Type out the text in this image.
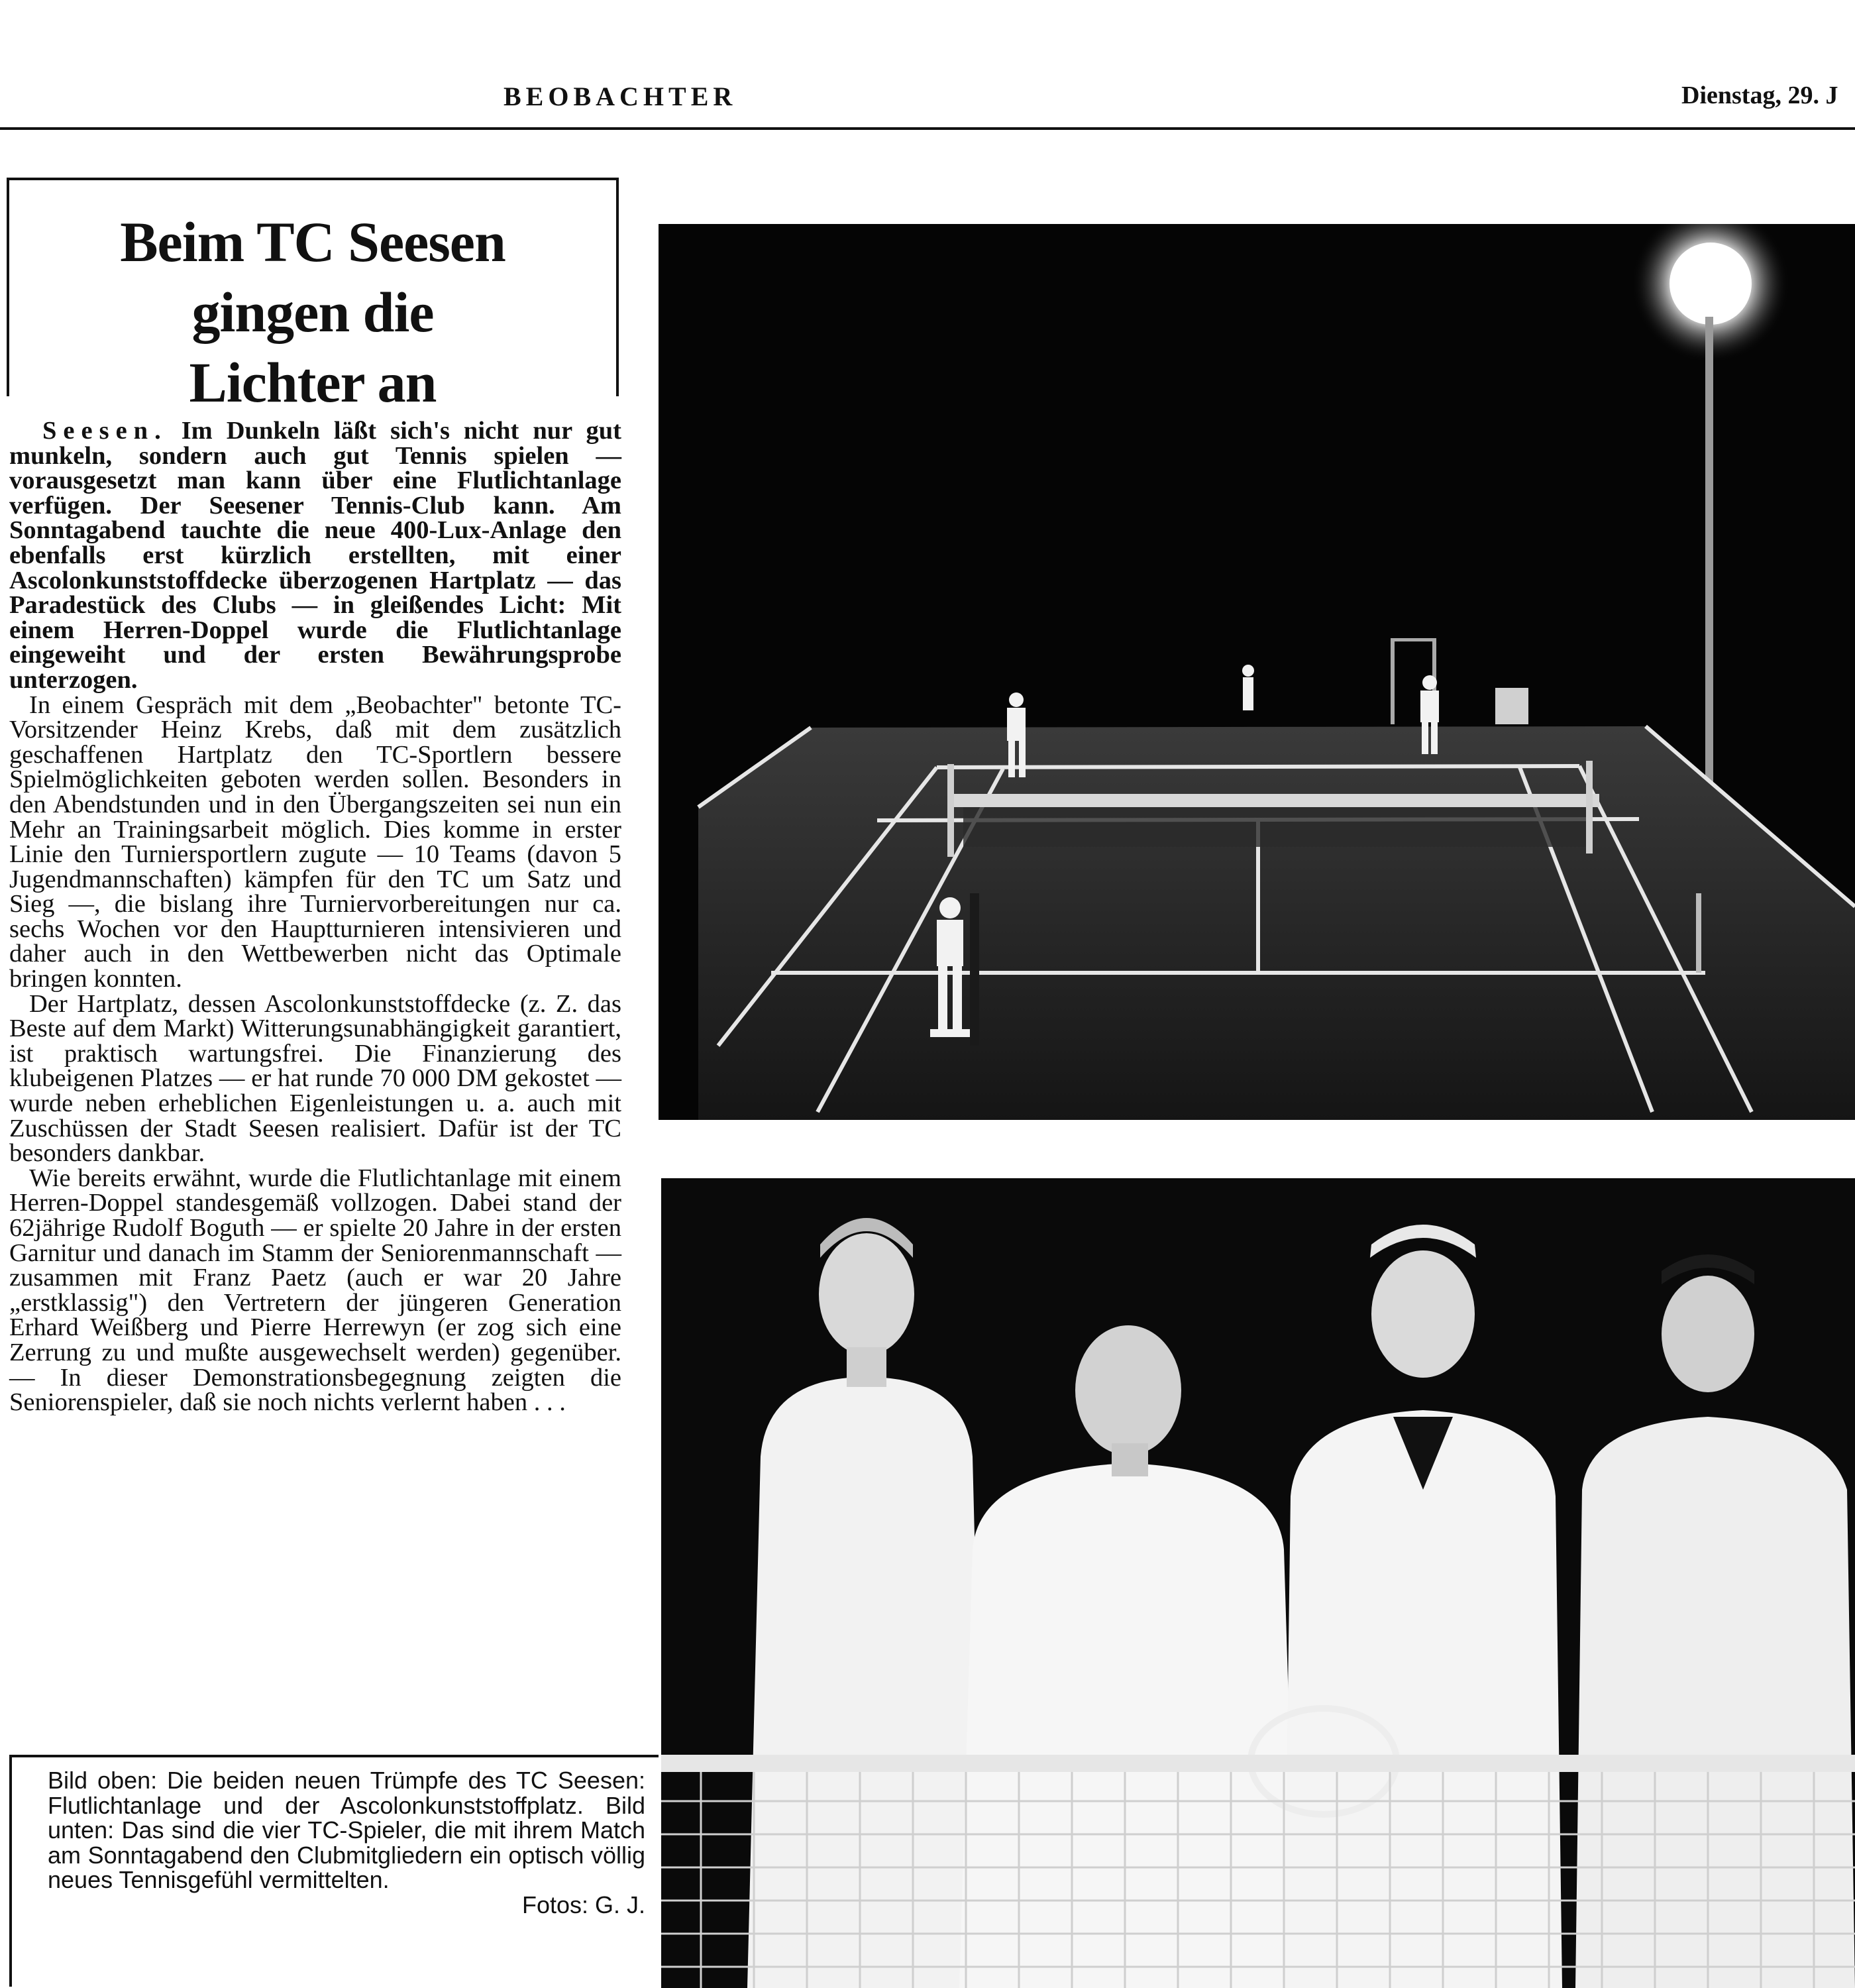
BEOBACHTER	Dienstag, 29. J
Beim TC Seesen
gingen die
Lichter an

Seesen. Im Dunkeln läßt sich's nicht nur gut munkeln, sondern auch gut Tennis spielen — vorausgesetzt man kann über eine Flutlichtanlage verfügen. Der Seesener Tennis-Club kann. Am Sonntagabend tauchte die neue 400-Lux-Anlage den ebenfalls erst kürzlich erstellten, mit einer Ascolonkunststoffdecke überzogenen Hartplatz — das Paradestück des Clubs — in gleißendes Licht: Mit einem Herren-Doppel wurde die Flutlichtanlage eingeweiht und der ersten Bewährungsprobe unterzogen.

In einem Gespräch mit dem „Beobachter" betonte TC-Vorsitzender Heinz Krebs, daß mit dem zusätzlich geschaffenen Hartplatz den TC-Sportlern bessere Spielmöglichkeiten geboten werden sollen. Besonders in den Abendstunden und in den Übergangszeiten sei nun ein Mehr an Trainingsarbeit möglich. Dies komme in erster Linie den Turniersportlern zugute — 10 Teams (davon 5 Jugendmannschaften) kämpfen für den TC um Satz und Sieg —, die bislang ihre Turniervorbereitungen nur ca. sechs Wochen vor den Hauptturnieren intensivieren und daher auch in den Wettbewerben nicht das Optimale bringen konnten.

Der Hartplatz, dessen Ascolonkunststoffdecke (z. Z. das Beste auf dem Markt) Witterungsunabhängigkeit garantiert, ist praktisch wartungsfrei. Die Finanzierung des klubeigenen Platzes — er hat runde 70 000 DM gekostet — wurde neben erheblichen Eigenleistungen u. a. auch mit Zuschüssen der Stadt Seesen realisiert. Dafür ist der TC besonders dankbar.

Wie bereits erwähnt, wurde die Flutlichtanlage mit einem Herren-Doppel standesgemäß vollzogen. Dabei stand der 62jährige Rudolf Boguth — er spielte 20 Jahre in der ersten Garnitur und danach im Stamm der Seniorenmannschaft — zusammen mit Franz Paetz (auch er war 20 Jahre „erstklassig") den Vertretern der jüngeren Generation Erhard Weißberg und Pierre Herrewyn (er zog sich eine Zerrung zu und mußte ausgewechselt werden) gegenüber. — In dieser Demonstrationsbegegnung zeigten die Seniorenspieler, daß sie noch nichts verlernt haben . . .

Bild oben: Die beiden neuen Trümpfe des TC Seesen: Flutlichtanlage und der Ascolonkunststoffplatz. Bild unten: Das sind die vier TC-Spieler, die mit ihrem Match am Sonntagabend den Clubmitgliedern ein optisch völlig neues Tennisgefühl vermittelten.
Fotos: G. J.
